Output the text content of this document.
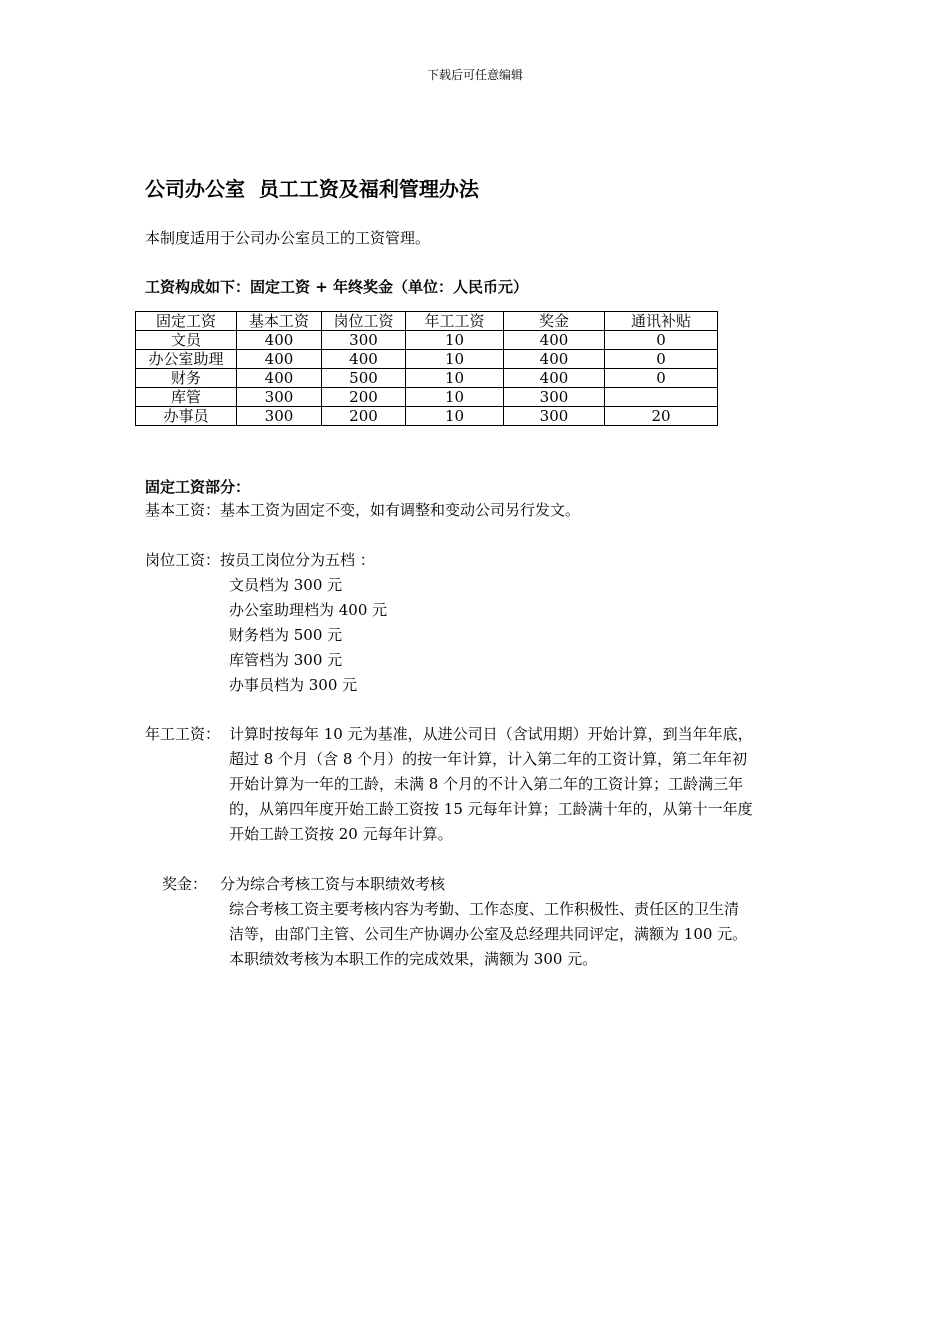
下载后可任意编辑
公司办公室  员工工资及福利管理办法
本制度适用于公司办公室员工的工资管理。
工资构成如下：固定工资 + 年终奖金（单位：人民币元）
固定工资	基本工资	岗位工资	年工工资	奖金	通讯补贴
文员	400	300	10	400	0
办公室助理	400	400	10	400	0
财务	400	500	10	400	0
库管	300	200	10	300	
办事员	300	200	10	300	20
固定工资部分：
基本工资：基本工资为固定不变，如有调整和变动公司另行发文。
岗位工资：按员工岗位分为五档 ：
文员档为 300 元
办公室助理档为 400 元
财务档为 500 元
库管档为 300 元
办事员档为 300 元
年工工资： 计算时按每年 10 元为基准，从进公司日（含试用期）开始计算，到当年年底，
超过 8 个月（含 8 个月）的按一年计算，计入第二年的工资计算，第二年年初
开始计算为一年的工龄，未满 8 个月的不计入第二年的工资计算；工龄满三年
的，从第四年度开始工龄工资按 15 元每年计算；工龄满十年的，从第十一年度
开始工龄工资按 20 元每年计算。
奖金： 分为综合考核工资与本职绩效考核
综合考核工资主要考核内容为考勤、工作态度、工作积极性、责任区的卫生清
洁等，由部门主管、公司生产协调办公室及总经理共同评定，满额为 100 元。
本职绩效考核为本职工作的完成效果，满额为 300 元。
